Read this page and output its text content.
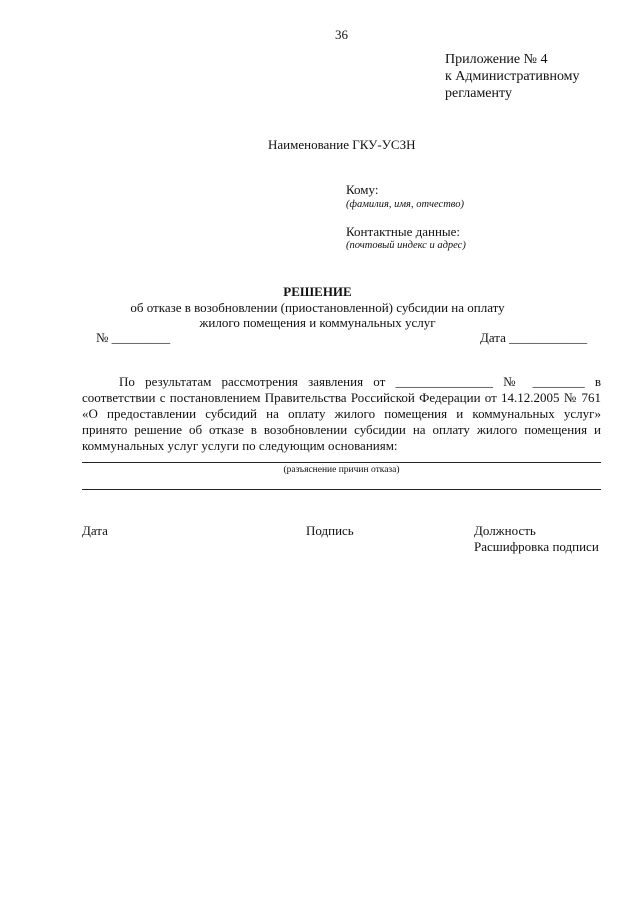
36
Приложение № 4
к Административному
регламенту
Наименование ГКУ-УСЗН
Кому:
(фамилия, имя, отчество)
Контактные данные:
(почтовый индекс и адрес)
РЕШЕНИЕ
об отказе в возобновлении (приостановленной) субсидии на оплату
жилого помещения и коммунальных услуг
№ _________	Дата ____________
По результатам рассмотрения заявления от _______________ № ________ в
соответствии с постановлением Правительства Российской Федерации от 14.12.2005 № 761
«О предоставлении субсидий на оплату жилого помещения и коммунальных услуг»
принято решение об отказе в возобновлении субсидии на оплату жилого помещения и
коммунальных услуг услуги по следующим основаниям:
(разъяснение причин отказа)
Дата	Подпись	Должность
Расшифровка подписи
